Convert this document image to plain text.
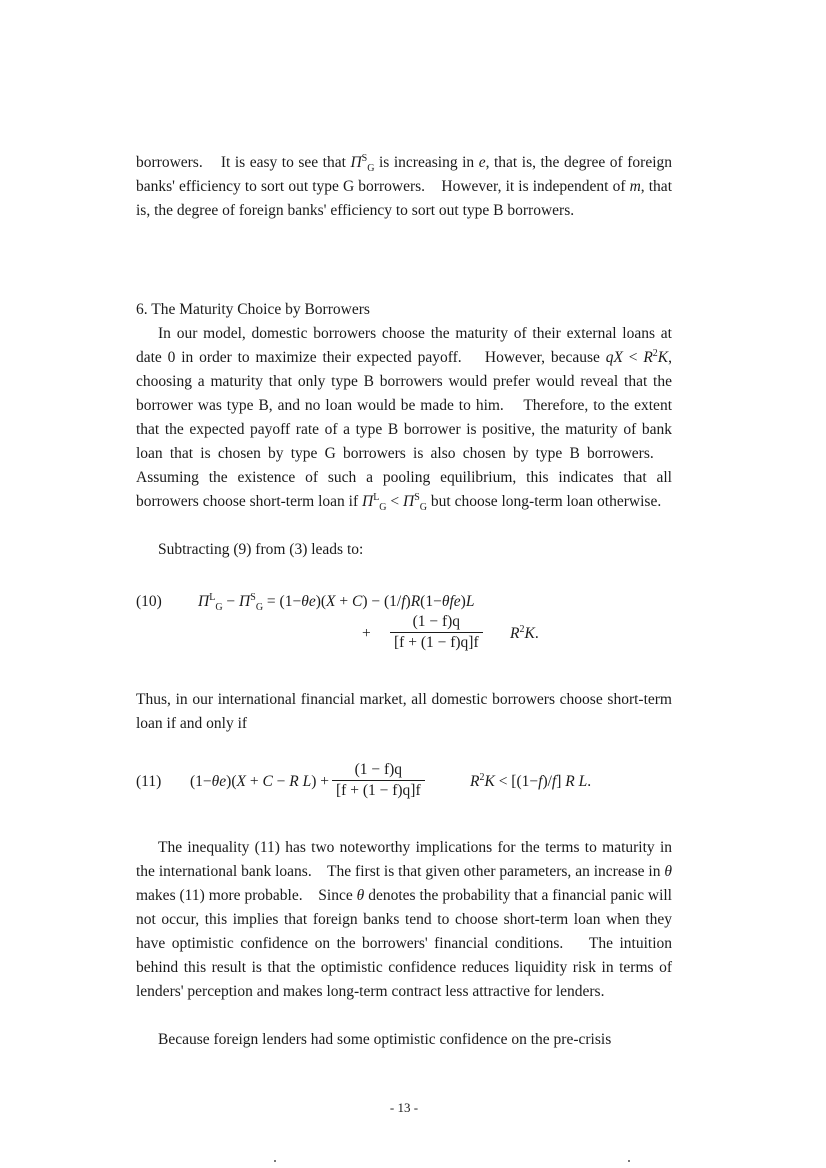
borrowers.    It is easy to see that $\Pi^S_G$ is increasing in e, that is, the degree of foreign banks' efficiency to sort out type G borrowers.    However, it is independent of m, that is, the degree of foreign banks' efficiency to sort out type B borrowers.

6. The Maturity Choice by Borrowers

In our model, domestic borrowers choose the maturity of their external loans at date 0 in order to maximize their expected payoff.    However, because qX < $R^2K$, choosing a maturity that only type B borrowers would prefer would reveal that the borrower was type B, and no loan would be made to him.    Therefore, to the extent that the expected payoff rate of a type B borrower is positive, the maturity of bank loan that is chosen by type G borrowers is also chosen by type B borrowers.    Assuming the existence of such a pooling equilibrium, this indicates that all borrowers choose short-term loan if $\Pi^L_G < \Pi^S_G$ but choose long-term loan otherwise.

Subtracting (9) from (3) leads to:

(10) $\Pi^L_G - \Pi^S_G = (1-\theta e)(X + C) - (1/f)R(1-\theta fe)L$
+ $\frac{(1 - f)q}{[f + (1 - f)q]f} R^2K$.

Thus, in our international financial market, all domestic borrowers choose short-term loan if and only if

(11) (1−θe)(X + C − R $L) + \frac{(1 - f)q}{[f + (1 - f)q]f}$	$R^2K < [(1-f)/f]$ R L.

The inequality (11) has two noteworthy implications for the terms to maturity in the international bank loans.    The first is that given other parameters, an increase in θ makes (11) more probable.    Since θ denotes the probability that a financial panic will not occur, this implies that foreign banks tend to choose short-term loan when they have optimistic confidence on the borrowers' financial conditions.    The intuition behind this result is that the optimistic confidence reduces liquidity risk in terms of lenders' perception and makes long-term contract less attractive for lenders.

Because foreign lenders had some optimistic confidence on the pre-crisis

- 13 -
